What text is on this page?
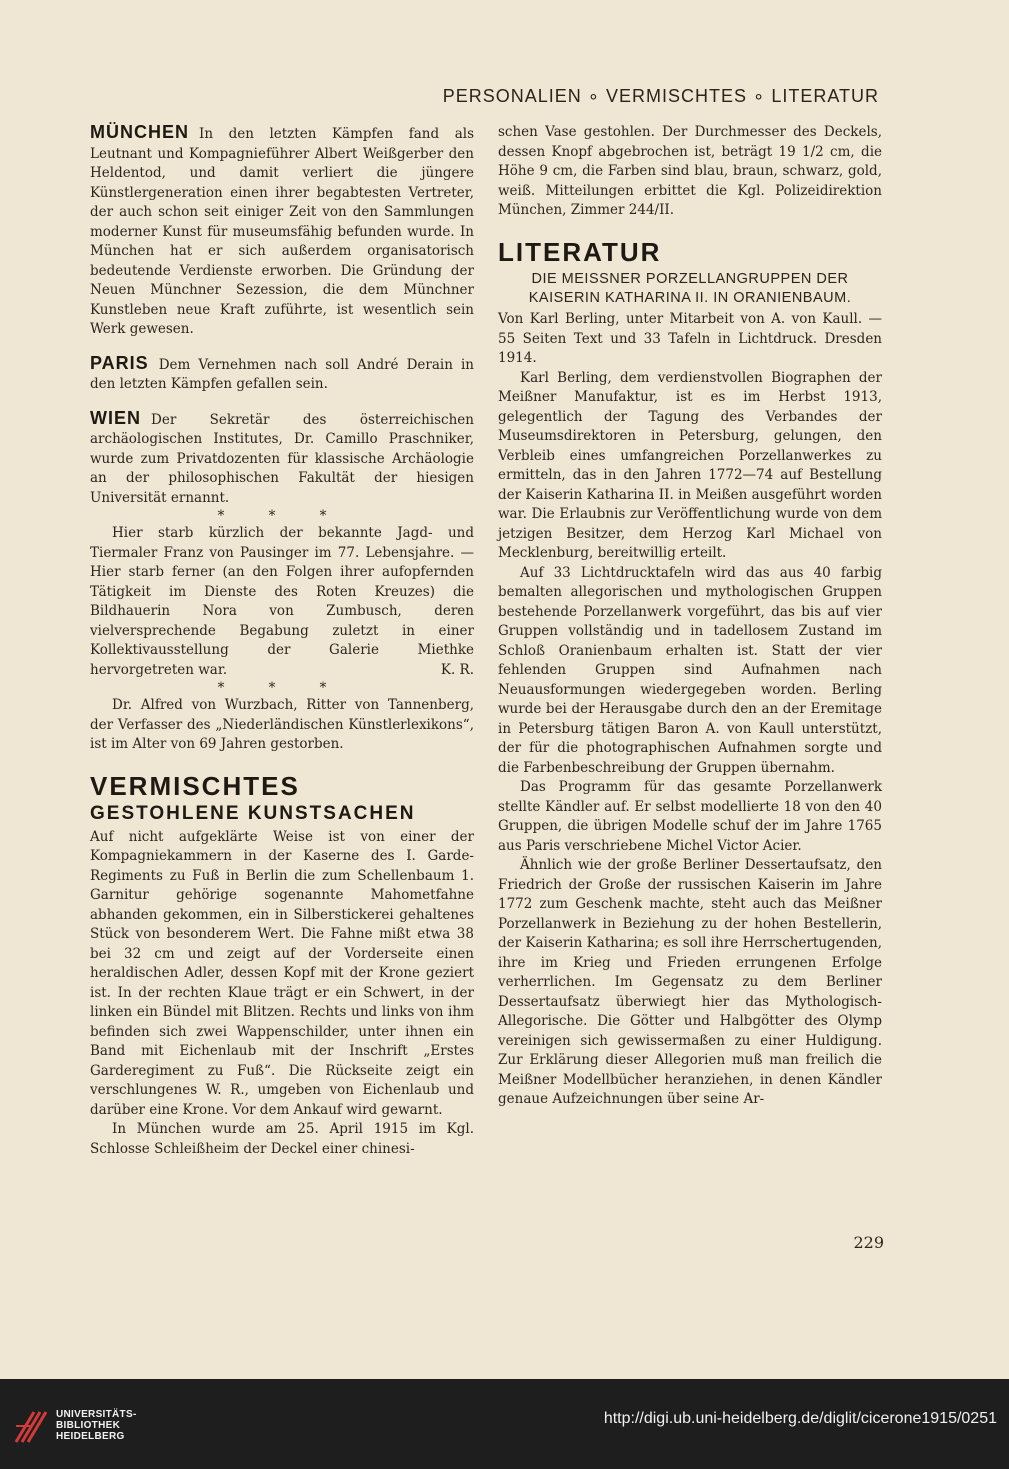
PERSONALIEN ∘ VERMISCHTES ∘ LITERATUR

MÜNCHEN In den letzten Kämpfen fand als Leutnant und Kompagnieführer Albert Weißgerber den Heldentod, und damit verliert die jüngere Künstlergeneration einen ihrer begabtesten Vertreter, der auch schon seit einiger Zeit von den Sammlungen moderner Kunst für museumsfähig befunden wurde. In München hat er sich außerdem organisatorisch bedeutende Verdienste erworben. Die Gründung der Neuen Münchner Sezession, die dem Münchner Kunstleben neue Kraft zuführte, ist wesentlich sein Werk gewesen.

PARIS Dem Vernehmen nach soll André Derain in den letzten Kämpfen gefallen sein.

WIEN Der Sekretär des österreichischen archäologischen Institutes, Dr. Camillo Praschniker, wurde zum Privatdozenten für klassische Archäologie an der philosophischen Fakultät der hiesigen Universität ernannt.

* * *

Hier starb kürzlich der bekannte Jagd- und Tiermaler Franz von Pausinger im 77. Lebensjahre. — Hier starb ferner (an den Folgen ihrer aufopfernden Tätigkeit im Dienste des Roten Kreuzes) die Bildhauerin Nora von Zumbusch, deren vielversprechende Begabung zuletzt in einer Kollektivausstellung der Galerie Miethke hervorgetreten war.	K. R.

* * *

Dr. Alfred von Wurzbach, Ritter von Tannenberg, der Verfasser des „Niederländischen Künstlerlexikons“, ist im Alter von 69 Jahren gestorben.

VERMISCHTES
GESTOHLENE KUNSTSACHEN

Auf nicht aufgeklärte Weise ist von einer der Kompagniekammern in der Kaserne des I. Garde-Regiments zu Fuß in Berlin die zum Schellenbaum 1. Garnitur gehörige sogenannte Mahometfahne abhanden gekommen, ein in Silberstickerei gehaltenes Stück von besonderem Wert. Die Fahne mißt etwa 38 bei 32 cm und zeigt auf der Vorderseite einen heraldischen Adler, dessen Kopf mit der Krone geziert ist. In der rechten Klaue trägt er ein Schwert, in der linken ein Bündel mit Blitzen. Rechts und links von ihm befinden sich zwei Wappenschilder, unter ihnen ein Band mit Eichenlaub mit der Inschrift „Erstes Garderegiment zu Fuß“. Die Rückseite zeigt ein verschlungenes W. R., umgeben von Eichenlaub und darüber eine Krone. Vor dem Ankauf wird gewarnt.

In München wurde am 25. April 1915 im Kgl. Schlosse Schleißheim der Deckel einer chinesi-

schen Vase gestohlen. Der Durchmesser des Deckels, dessen Knopf abgebrochen ist, beträgt 19 1/2 cm, die Höhe 9 cm, die Farben sind blau, braun, schwarz, gold, weiß. Mitteilungen erbittet die Kgl. Polizeidirektion München, Zimmer 244/II.

LITERATUR
DIE MEISSNER PORZELLANGRUPPEN DER KAISERIN KATHARINA II. IN ORANIENBAUM.

Von Karl Berling, unter Mitarbeit von A. von Kaull. — 55 Seiten Text und 33 Tafeln in Lichtdruck. Dresden 1914.

Karl Berling, dem verdienstvollen Biographen der Meißner Manufaktur, ist es im Herbst 1913, gelegentlich der Tagung des Verbandes der Museumsdirektoren in Petersburg, gelungen, den Verbleib eines umfangreichen Porzellanwerkes zu ermitteln, das in den Jahren 1772—74 auf Bestellung der Kaiserin Katharina II. in Meißen ausgeführt worden war. Die Erlaubnis zur Veröffentlichung wurde von dem jetzigen Besitzer, dem Herzog Karl Michael von Mecklenburg, bereitwillig erteilt.

Auf 33 Lichtdrucktafeln wird das aus 40 farbig bemalten allegorischen und mythologischen Gruppen bestehende Porzellanwerk vorgeführt, das bis auf vier Gruppen vollständig und in tadellosem Zustand im Schloß Oranienbaum erhalten ist. Statt der vier fehlenden Gruppen sind Aufnahmen nach Neuausformungen wiedergegeben worden. Berling wurde bei der Herausgabe durch den an der Eremitage in Petersburg tätigen Baron A. von Kaull unterstützt, der für die photographischen Aufnahmen sorgte und die Farbenbeschreibung der Gruppen übernahm.

Das Programm für das gesamte Porzellanwerk stellte Kändler auf. Er selbst modellierte 18 von den 40 Gruppen, die übrigen Modelle schuf der im Jahre 1765 aus Paris verschriebene Michel Victor Acier.

Ähnlich wie der große Berliner Dessertaufsatz, den Friedrich der Große der russischen Kaiserin im Jahre 1772 zum Geschenk machte, steht auch das Meißner Porzellanwerk in Beziehung zu der hohen Bestellerin, der Kaiserin Katharina; es soll ihre Herrschertugenden, ihre im Krieg und Frieden errungenen Erfolge verherrlichen. Im Gegensatz zu dem Berliner Dessertaufsatz überwiegt hier das Mythologisch-Allegorische. Die Götter und Halbgötter des Olymp vereinigen sich gewissermaßen zu einer Huldigung. Zur Erklärung dieser Allegorien muß man freilich die Meißner Modellbücher heranziehen, in denen Kändler genaue Aufzeichnungen über seine Ar-

229
UNIVERSITÄTS-
BIBLIOTHEK
HEIDELBERG
http://digi.ub.uni-heidelberg.de/diglit/cicerone1915/0251
